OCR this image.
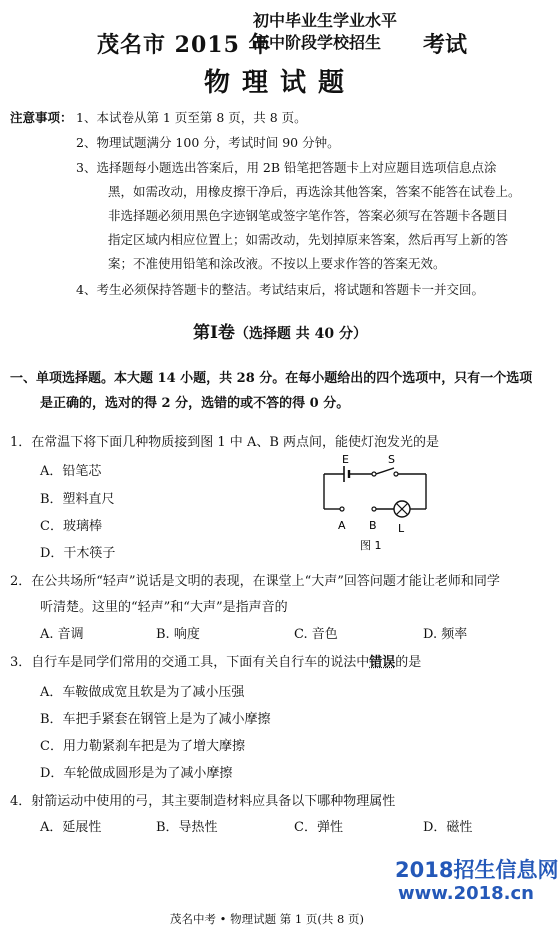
茂名市 2015 年
初中毕业生学业水平
高中阶段学校招生	考试
物理试题
注意事项： 1、本试卷从第 1 页至第 8 页，共 8 页。
2、物理试题满分 100 分，考试时间 90 分钟。
3、选择题每小题选出答案后，用 2B 铅笔把答题卡上对应题目选项信息点涂
黑，如需改动，用橡皮擦干净后，再选涂其他答案，答案不能答在试卷上。
非选择题必须用黑色字迹钢笔或签字笔作答，答案必须写在答题卡各题目
指定区域内相应位置上；如需改动，先划掉原来答案，然后再写上新的答
案；不准使用铅笔和涂改液。不按以上要求作答的答案无效。
4、考生必须保持答题卡的整洁。考试结束后，将试题和答题卡一并交回。
第Ⅰ卷（选择题 共 40 分）
一、单项选择题。本大题 14 小题，共 28 分。在每小题给出的四个选项中，只有一个选项
是正确的，选对的得 2 分，选错的或不答的得 0 分。
1．在常温下将下面几种物质接到图 1 中 A、B 两点间，能使灯泡发光的是
A．铅笔芯
B．塑料直尺
C．玻璃棒
D．干木筷子
E	S
A B L
图 1
2．在公共场所“轻声”说话是文明的表现，在课堂上“大声”回答问题才能让老师和同学
听清楚。这里的“轻声”和“大声”是指声音的
A. 音调	B. 响度	C. 音色	D. 频率
3．自行车是同学们常用的交通工具，下面有关自行车的说法中错误的是
A．车鞍做成宽且软是为了减小压强
B．车把手紧套在钢管上是为了减小摩擦
C．用力勒紧刹车把是为了增大摩擦
D．车轮做成圆形是为了减小摩擦
4．射箭运动中使用的弓，其主要制造材料应具备以下哪种物理属性
A．延展性	B．导热性	C．弹性	D．磁性
2018招生信息网
www.2018.cn
茂名中考 • 物理试题 第 1 页(共 8 页)
